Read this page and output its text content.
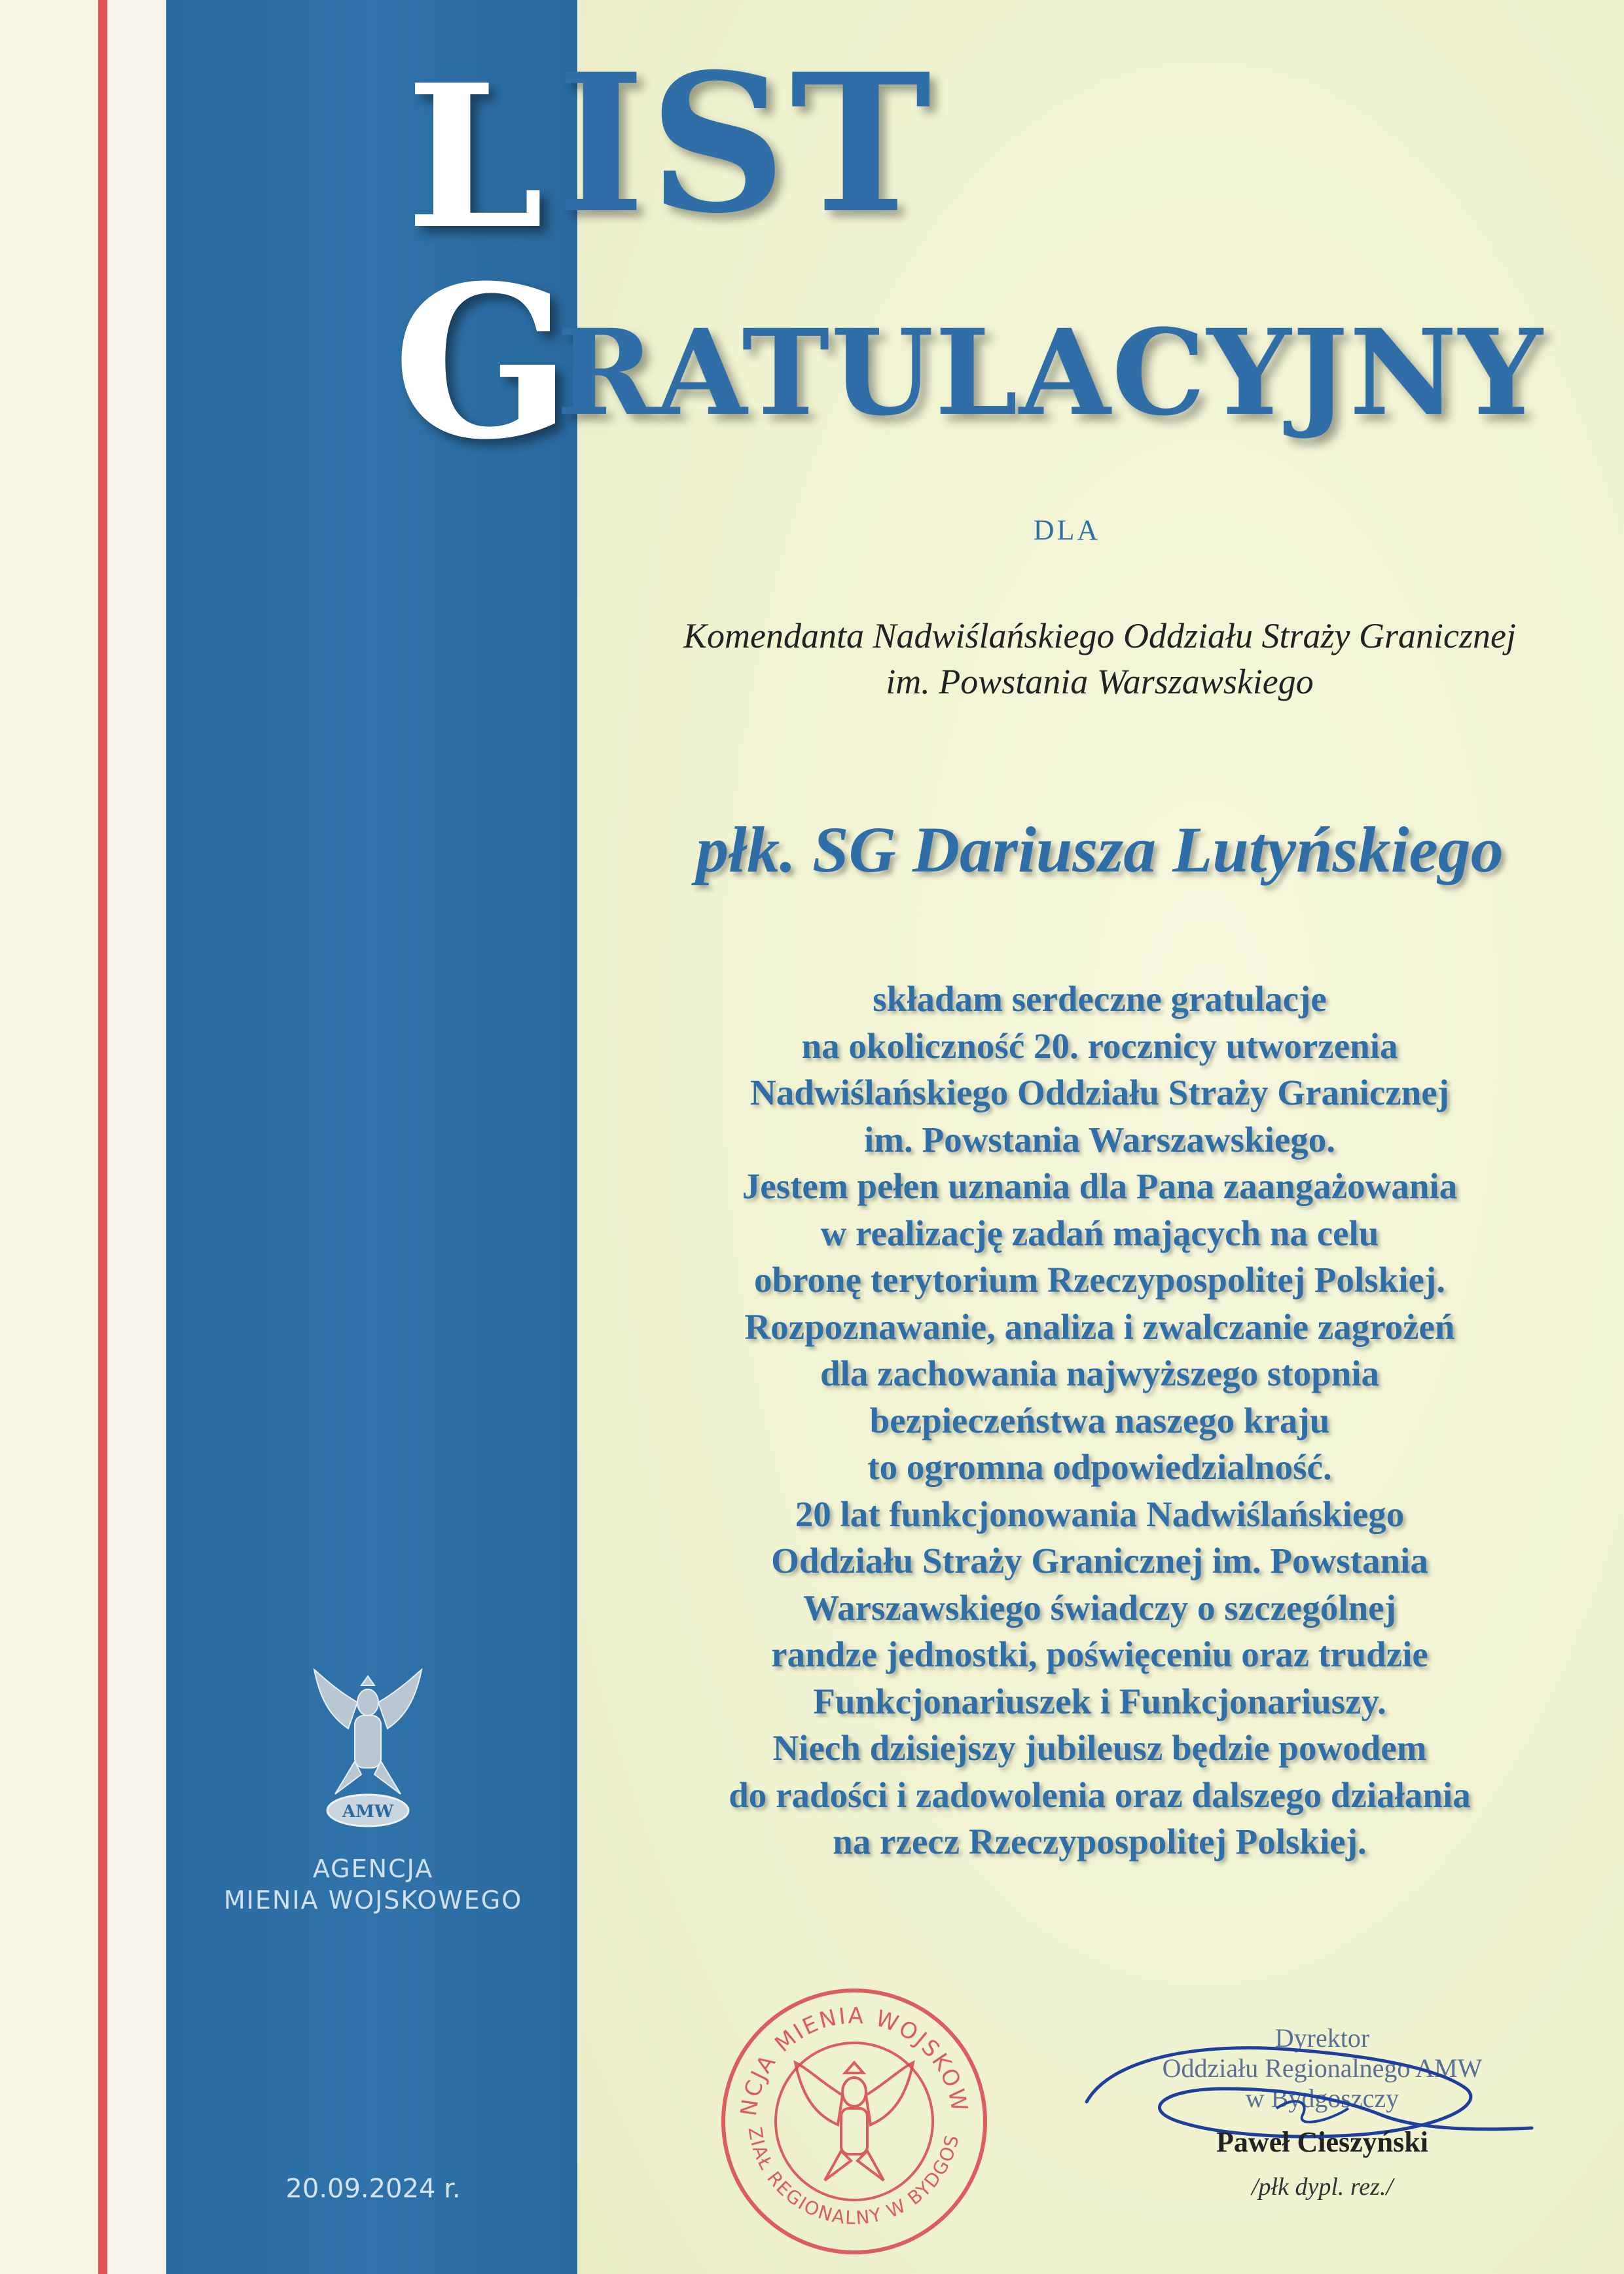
L IST
G
RATULACYJNY
DLA
Komendanta Nadwiślańskiego Oddziału Straży Granicznej
im. Powstania Warszawskiego
płk. SG Dariusza Lutyńskiego
składam serdeczne gratulacje
na okoliczność 20. rocznicy utworzenia
Nadwiślańskiego Oddziału Straży Granicznej
im. Powstania Warszawskiego.
Jestem pełen uznania dla Pana zaangażowania
w realizację zadań mających na celu
obronę terytorium Rzeczypospolitej Polskiej.
Rozpoznawanie, analiza i zwalczanie zagrożeń
dla zachowania najwyższego stopnia
bezpieczeństwa naszego kraju
to ogromna odpowiedzialność.
20 lat funkcjonowania Nadwiślańskiego
Oddziału Straży Granicznej im. Powstania
Warszawskiego świadczy o szczególnej
randze jednostki, poświęceniu oraz trudzie
Funkcjonariuszek i Funkcjonariuszy.
Niech dzisiejszy jubileusz będzie powodem
do radości i zadowolenia oraz dalszego działania
na rzecz Rzeczypospolitej Polskiej.
AMW
AGENCJA
MIENIA WOJSKOWEGO
20.09.2024 r.
NCJA MIENIA WOJSKOW
ZIAŁ REGIONALNY W BYDGOS
Dyrektor
Oddziału Regionalnego AMW
w Bydgoszczy
Paweł Cieszyński
/płk dypl. rez./
